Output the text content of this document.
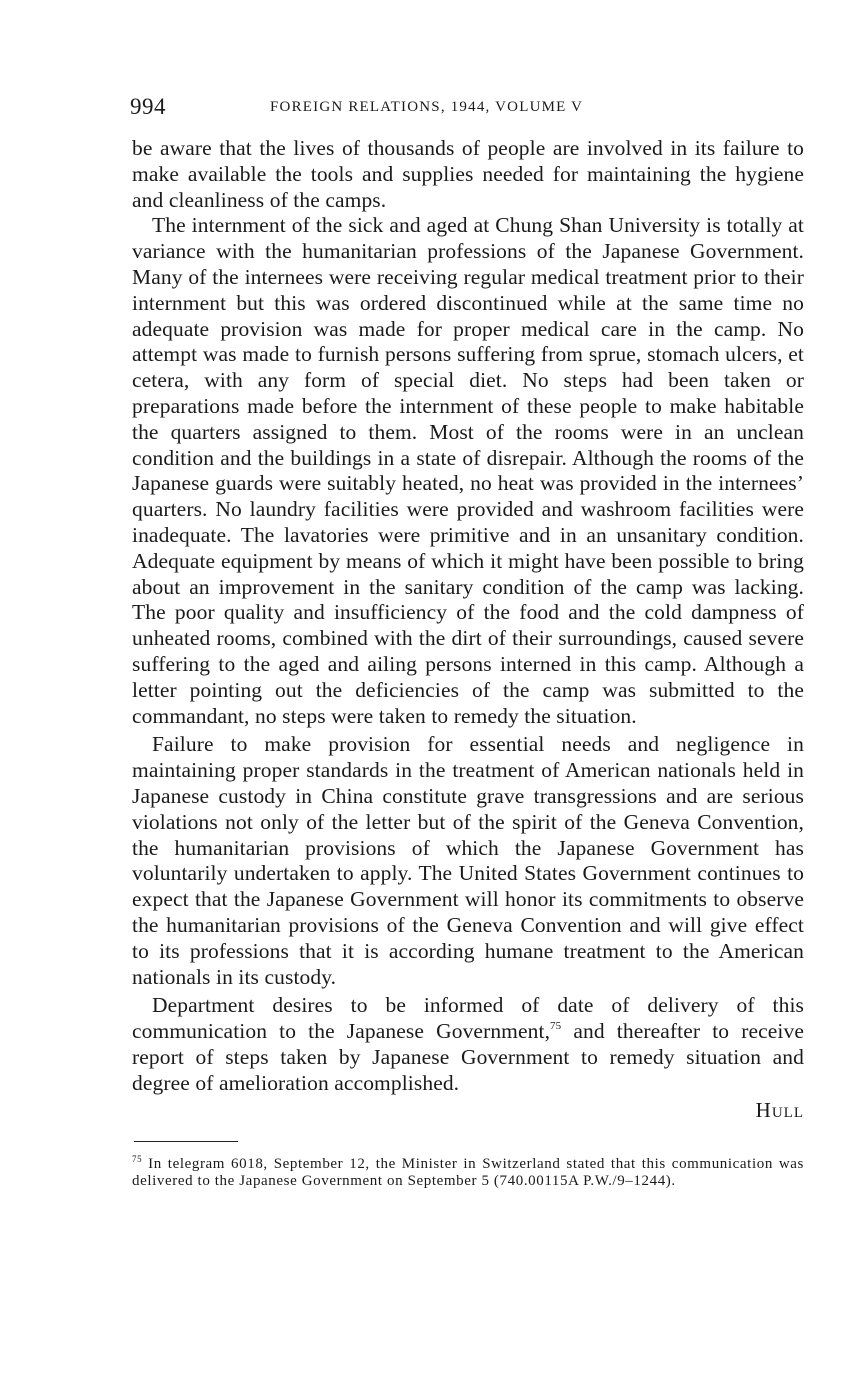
994	FOREIGN RELATIONS, 1944, VOLUME V

be aware that the lives of thousands of people are involved in its failure to make available the tools and supplies needed for maintaining the hygiene and cleanliness of the camps.

The internment of the sick and aged at Chung Shan University is totally at variance with the humanitarian professions of the Japanese Government. Many of the internees were receiving regular medical treatment prior to their internment but this was ordered discontinued while at the same time no adequate provision was made for proper medical care in the camp. No attempt was made to furnish persons suffering from sprue, stomach ulcers, et cetera, with any form of special diet. No steps had been taken or preparations made before the internment of these people to make habitable the quarters assigned to them. Most of the rooms were in an unclean condition and the buildings in a state of disrepair. Although the rooms of the Japanese guards were suitably heated, no heat was provided in the internees’ quarters. No laundry facilities were provided and washroom facilities were inadequate. The lavatories were primitive and in an unsanitary condition. Adequate equipment by means of which it might have been possible to bring about an improvement in the sanitary condition of the camp was lacking. The poor quality and insufficiency of the food and the cold dampness of unheated rooms, combined with the dirt of their surroundings, caused severe suffering to the aged and ailing persons interned in this camp. Although a letter pointing out the deficiencies of the camp was submitted to the commandant, no steps were taken to remedy the situation.

Failure to make provision for essential needs and negligence in maintaining proper standards in the treatment of American nationals held in Japanese custody in China constitute grave transgressions and are serious violations not only of the letter but of the spirit of the Geneva Convention, the humanitarian provisions of which the Japanese Government has voluntarily undertaken to apply. The United States Government continues to expect that the Japanese Government will honor its commitments to observe the humanitarian provisions of the Geneva Convention and will give effect to its professions that it is according humane treatment to the American nationals in its custody.

Department desires to be informed of date of delivery of this communication to the Japanese Government,$^{75}$ and thereafter to receive report of steps taken by Japanese Government to remedy situation and degree of amelioration accomplished.

HULL
$^{75}$ In telegram 6018, September 12, the Minister in Switzerland stated that this communication was delivered to the Japanese Government on September 5 (740.00115A P.W./9–1244).
